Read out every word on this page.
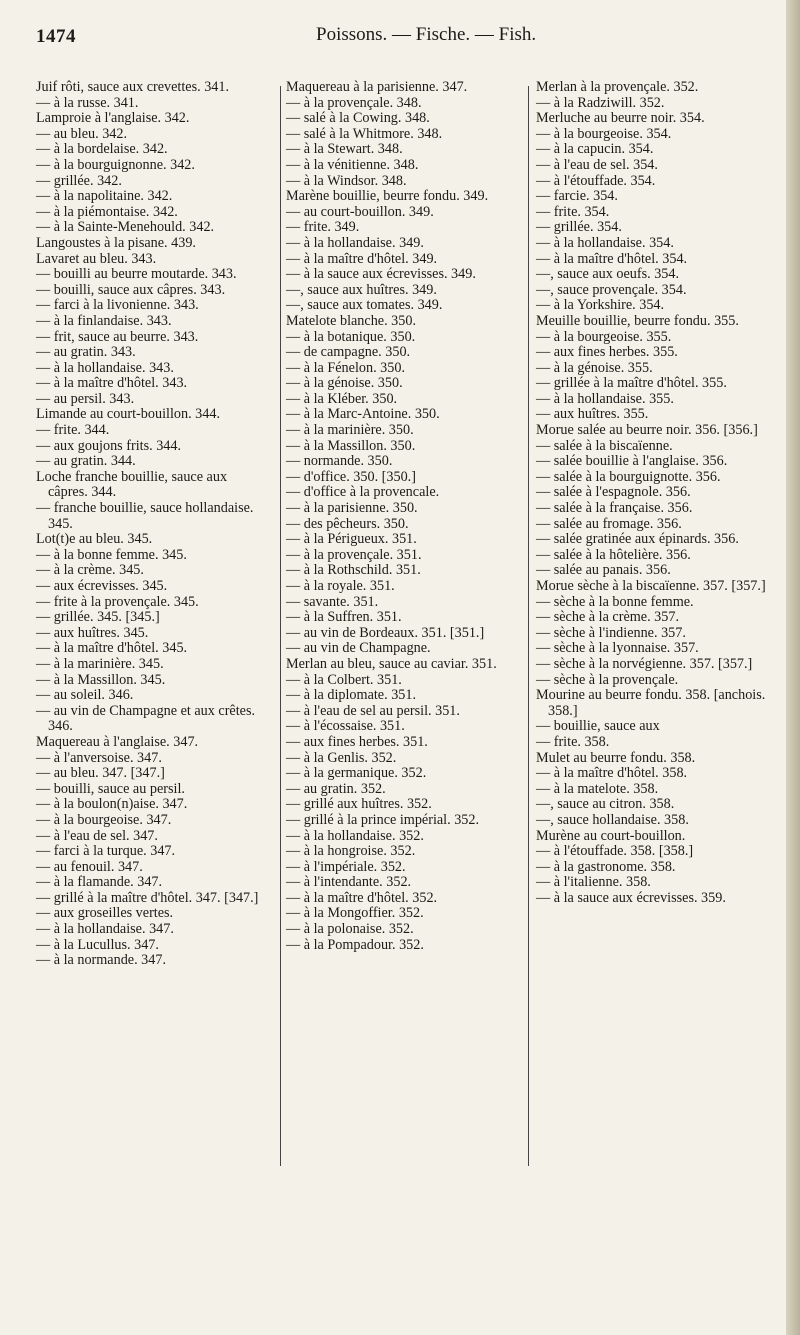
1474	Poissons. — Fische. — Fish.

Juif rôti, sauce aux crevettes. 341.

— à la russe. 341.

Lamproie à l'anglaise. 342.

— au bleu. 342.

— à la bordelaise. 342.

— à la bourguignonne. 342.

— grillée. 342.

— à la napolitaine. 342.

— à la piémontaise. 342.

— à la Sainte-Menehould. 342.

Langoustes à la pisane. 439.

Lavaret au bleu. 343.

— bouilli au beurre moutarde. 343.

— bouilli, sauce aux câpres. 343.

— farci à la livonienne. 343.

— à la finlandaise. 343.

— frit, sauce au beurre. 343.

— au gratin. 343.

— à la hollandaise. 343.

— à la maître d'hôtel. 343.

— au persil. 343.

Limande au court-bouillon. 344.

— frite. 344.

— aux goujons frits. 344.

— au gratin. 344.

Loche franche bouillie, sauce aux câpres. 344.

— franche bouillie, sauce hollandaise. 345.

Lot(t)e au bleu. 345.

— à la bonne femme. 345.

— à la crème. 345.

— aux écrevisses. 345.

— frite à la provençale. 345.

— grillée. 345. [345.]

— aux huîtres. 345.

— à la maître d'hôtel. 345.

— à la marinière. 345.

— à la Massillon. 345.

— au soleil. 346.

— au vin de Champagne et aux crêtes. 346.

Maquereau à l'anglaise. 347.

— à l'anversoise. 347.

— au bleu. 347. [347.]

— bouilli, sauce au persil.

— à la boulon(n)aise. 347.

— à la bourgeoise. 347.

— à l'eau de sel. 347.

— farci à la turque. 347.

— au fenouil. 347.

— à la flamande. 347.

— grillé à la maître d'hôtel. 347. [347.]

— aux groseilles vertes.

— à la hollandaise. 347.

— à la Lucullus. 347.

— à la normande. 347.

Maquereau à la parisienne. 347.

— à la provençale. 348.

— salé à la Cowing. 348.

— salé à la Whitmore. 348.

— à la Stewart. 348.

— à la vénitienne. 348.

— à la Windsor. 348.

Marène bouillie, beurre fondu. 349.

— au court-bouillon. 349.

— frite. 349.

— à la hollandaise. 349.

— à la maître d'hôtel. 349.

— à la sauce aux écrevisses. 349.

—, sauce aux huîtres. 349.

—, sauce aux tomates. 349.

Matelote blanche. 350.

— à la botanique. 350.

— de campagne. 350.

— à la Fénelon. 350.

— à la génoise. 350.

— à la Kléber. 350.

— à la Marc-Antoine. 350.

— à la marinière. 350.

— à la Massillon. 350.

— normande. 350.

— d'office. 350. [350.]

— d'office à la provencale.

— à la parisienne. 350.

— des pêcheurs. 350.

— à la Périgueux. 351.

— à la provençale. 351.

— à la Rothschild. 351.

— à la royale. 351.

— savante. 351.

— à la Suffren. 351.

— au vin de Bordeaux. 351. [351.]

— au vin de Champagne.

Merlan au bleu, sauce au caviar. 351.

— à la Colbert. 351.

— à la diplomate. 351.

— à l'eau de sel au persil. 351.

— à l'écossaise. 351.

— aux fines herbes. 351.

— à la Genlis. 352.

— à la germanique. 352.

— au gratin. 352.

— grillé aux huîtres. 352.

— grillé à la prince impérial. 352.

— à la hollandaise. 352.

— à la hongroise. 352.

— à l'impériale. 352.

— à l'intendante. 352.

— à la maître d'hôtel. 352.

— à la Mongoffier. 352.

— à la polonaise. 352.

— à la Pompadour. 352.

Merlan à la provençale. 352.

— à la Radziwill. 352.

Merluche au beurre noir. 354.

— à la bourgeoise. 354.

— à la capucin. 354.

— à l'eau de sel. 354.

— à l'étouffade. 354.

— farcie. 354.

— frite. 354.

— grillée. 354.

— à la hollandaise. 354.

— à la maître d'hôtel. 354.

—, sauce aux oeufs. 354.

—, sauce provençale. 354.

— à la Yorkshire. 354.

Meuille bouillie, beurre fondu. 355.

— à la bourgeoise. 355.

— aux fines herbes. 355.

— à la génoise. 355.

— grillée à la maître d'hôtel. 355.

— à la hollandaise. 355.

— aux huîtres. 355.

Morue salée au beurre noir. 356. [356.]

— salée à la biscaïenne.

— salée bouillie à l'anglaise. 356.

— salée à la bourguignotte. 356.

— salée à l'espagnole. 356.

— salée à la française. 356.

— salée au fromage. 356.

— salée gratinée aux épinards. 356.

— salée à la hôtelière. 356.

— salée au panais. 356.

Morue sèche à la biscaïenne. 357. [357.]

— sèche à la bonne femme.

— sèche à la crème. 357.

— sèche à l'indienne. 357.

— sèche à la lyonnaise. 357.

— sèche à la norvégienne. 357. [357.]

— sèche à la provençale.

Mourine au beurre fondu. 358. [anchois. 358.]

— bouillie, sauce aux

— frite. 358.

Mulet au beurre fondu. 358.

— à la maître d'hôtel. 358.

— à la matelote. 358.

—, sauce au citron. 358.

—, sauce hollandaise. 358.

Murène au court-bouillon.

— à l'étouffade. 358. [358.]

— à la gastronome. 358.

— à l'italienne. 358.

— à la sauce aux écrevisses. 359.
